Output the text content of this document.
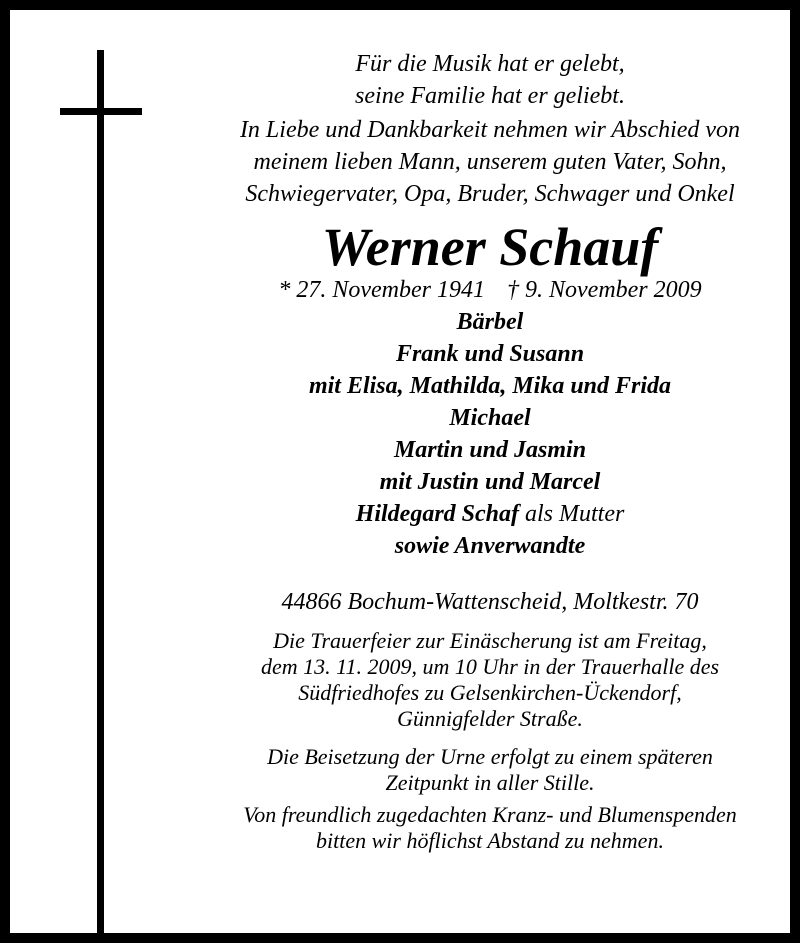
Für die Musik hat er gelebt,
seine Familie hat er geliebt.
In Liebe und Dankbarkeit nehmen wir Abschied von
meinem lieben Mann, unserem guten Vater, Sohn,
Schwiegervater, Opa, Bruder, Schwager und Onkel
Werner Schauf
* 27. November 1941 † 9. November 2009
Bärbel
Frank und Susann
mit Elisa, Mathilda, Mika und Frida
Michael
Martin und Jasmin
mit Justin und Marcel
Hildegard Schaf als Mutter
sowie Anverwandte
44866 Bochum-Wattenscheid, Moltkestr. 70
Die Trauerfeier zur Einäscherung ist am Freitag,
dem 13. 11. 2009, um 10 Uhr in der Trauerhalle des
Südfriedhofes zu Gelsenkirchen-Ückendorf,
Günnigfelder Straße.
Die Beisetzung der Urne erfolgt zu einem späteren
Zeitpunkt in aller Stille.
Von freundlich zugedachten Kranz- und Blumenspenden
bitten wir höflichst Abstand zu nehmen.
